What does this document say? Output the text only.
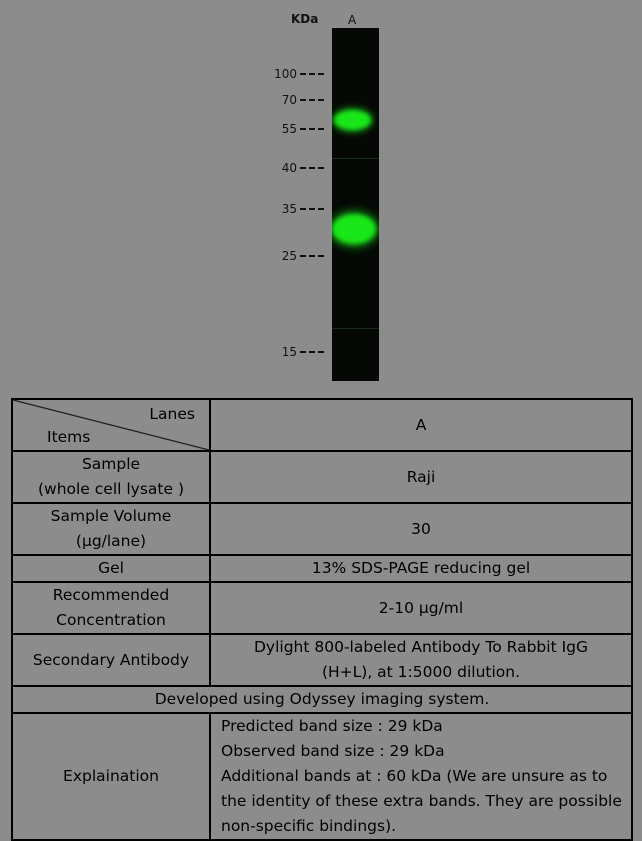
KDa A
100
70
55
40
35
25
15
Lanes
Items	A

Sample
(whole cell lysate )	Raji

Sample Volume
(μg/lane)	30
Gel	13% SDS-PAGE reducing gel

Recommended
Concentration	2-10 μg/ml
Secondary Antibody	Dylight 800-labeled Antibody To Rabbit IgG
(H+L), at 1:5000 dilution.

Developed using Odyssey imaging system.	
Explaination	Predicted band size : 29 kDa
Observed band size : 29 kDa
Additional bands at : 60 kDa (We are unsure as to the identity of these extra bands. They are possible non-specific bindings).
